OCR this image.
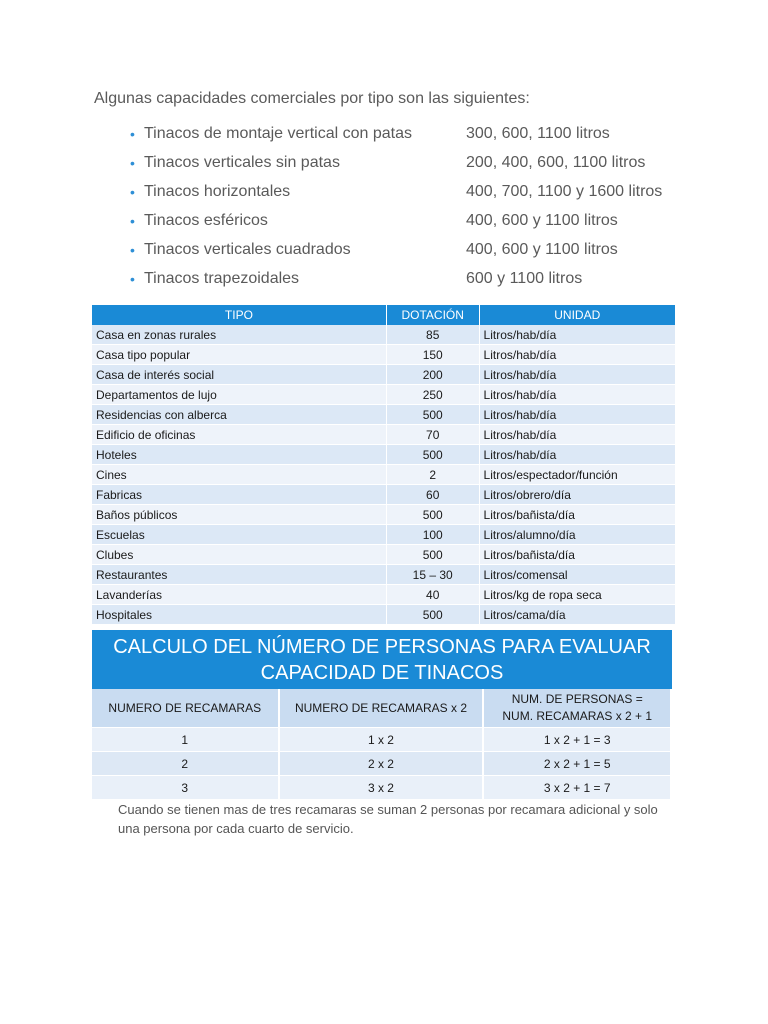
Algunas capacidades comerciales por tipo son las siguientes:
• Tinacos de montaje vertical con patas	300, 600, 1100 litros
• Tinacos verticales sin patas	200, 400, 600, 1100 litros
• Tinacos horizontales	400, 700, 1100 y 1600 litros
• Tinacos esféricos	400, 600 y 1100 litros
• Tinacos verticales cuadrados	400, 600 y 1100 litros
• Tinacos trapezoidales	600 y 1100 litros
TIPO	DOTACIÓN	UNIDAD
Casa en zonas rurales	85	Litros/hab/día
Casa tipo popular	150	Litros/hab/día
Casa de interés social	200	Litros/hab/día
Departamentos de lujo	250	Litros/hab/día
Residencias con alberca	500	Litros/hab/día
Edificio de oficinas	70	Litros/hab/día
Hoteles	500	Litros/hab/día
Cines	2	Litros/espectador/función
Fabricas	60	Litros/obrero/día
Baños públicos	500	Litros/bañista/día
Escuelas	100	Litros/alumno/día
Clubes	500	Litros/bañista/día
Restaurantes	15 – 30	Litros/comensal
Lavanderías	40	Litros/kg de ropa seca
Hospitales	500	Litros/cama/día
CALCULO DEL NÚMERO DE PERSONAS PARA EVALUAR
CAPACIDAD DE TINACOS
NUMERO DE RECAMARAS	NUMERO DE RECAMARAS x 2	NUM. DE PERSONAS =
NUM. RECAMARAS x 2 + 1

1	1 x 2	1 x 2 + 1 = 3
2	2 x 2	2 x 2 + 1 = 5
3	3 x 2	3 x 2 + 1 = 7
Cuando se tienen mas de tres recamaras se suman 2 personas por recamara adicional y solo
una persona por cada cuarto de servicio.
